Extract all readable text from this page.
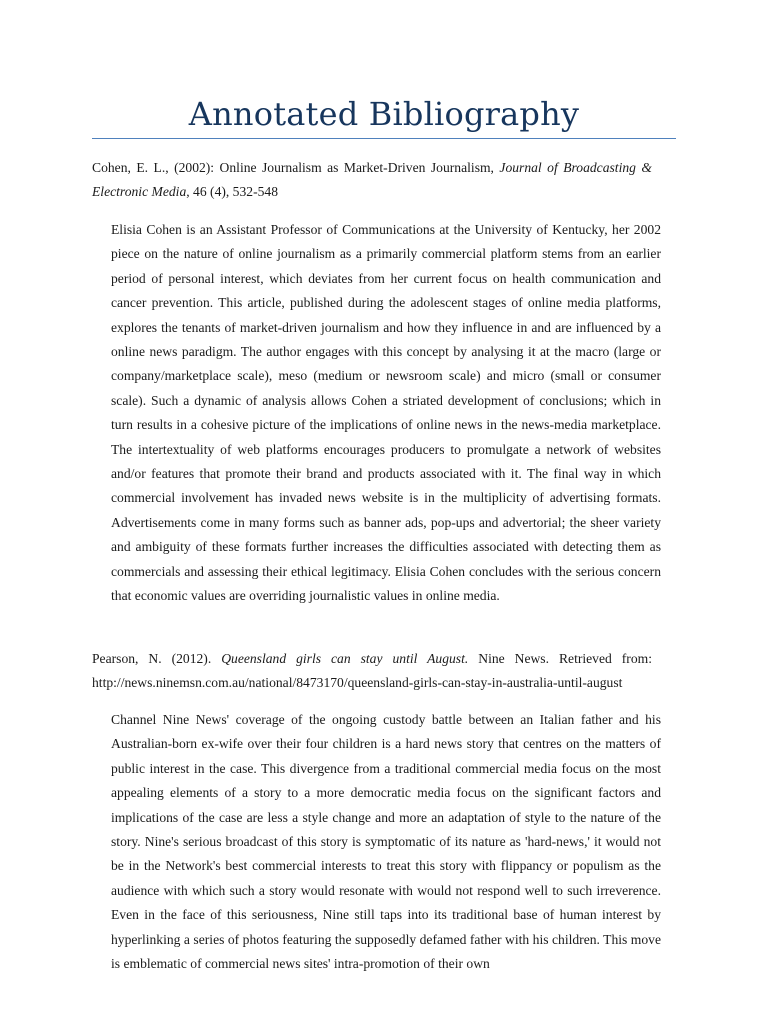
Annotated Bibliography

Cohen, E. L., (2002): Online Journalism as Market-Driven Journalism, Journal of Broadcasting & Electronic Media, 46 (4), 532-548

Elisia Cohen is an Assistant Professor of Communications at the University of Kentucky, her 2002 piece on the nature of online journalism as a primarily commercial platform stems from an earlier period of personal interest, which deviates from her current focus on health communication and cancer prevention. This article, published during the adolescent stages of online media platforms, explores the tenants of market-driven journalism and how they influence in and are influenced by a online news paradigm. The author engages with this concept by analysing it at the macro (large or company/marketplace scale), meso (medium or newsroom scale) and micro (small or consumer scale). Such a dynamic of analysis allows Cohen a striated development of conclusions; which in turn results in a cohesive picture of the implications of online news in the news-media marketplace. The intertextuality of web platforms encourages producers to promulgate a network of websites and/or features that promote their brand and products associated with it. The final way in which commercial involvement has invaded news website is in the multiplicity of advertising formats. Advertisements come in many forms such as banner ads, pop-ups and advertorial; the sheer variety and ambiguity of these formats further increases the difficulties associated with detecting them as commercials and assessing their ethical legitimacy. Elisia Cohen concludes with the serious concern that economic values are overriding journalistic values in online media.

Pearson, N. (2012). Queensland girls can stay until August. Nine News. Retrieved from: http://news.ninemsn.com.au/national/8473170/queensland-girls-can-stay-in-australia-until-august

Channel Nine News' coverage of the ongoing custody battle between an Italian father and his Australian-born ex-wife over their four children is a hard news story that centres on the matters of public interest in the case. This divergence from a traditional commercial media focus on the most appealing elements of a story to a more democratic media focus on the significant factors and implications of the case are less a style change and more an adaptation of style to the nature of the story. Nine's serious broadcast of this story is symptomatic of its nature as 'hard-news,' it would not be in the Network's best commercial interests to treat this story with flippancy or populism as the audience with which such a story would resonate with would not respond well to such irreverence. Even in the face of this seriousness, Nine still taps into its traditional base of human interest by hyperlinking a series of photos featuring the supposedly defamed father with his children. This move is emblematic of commercial news sites' intra-promotion of their own
